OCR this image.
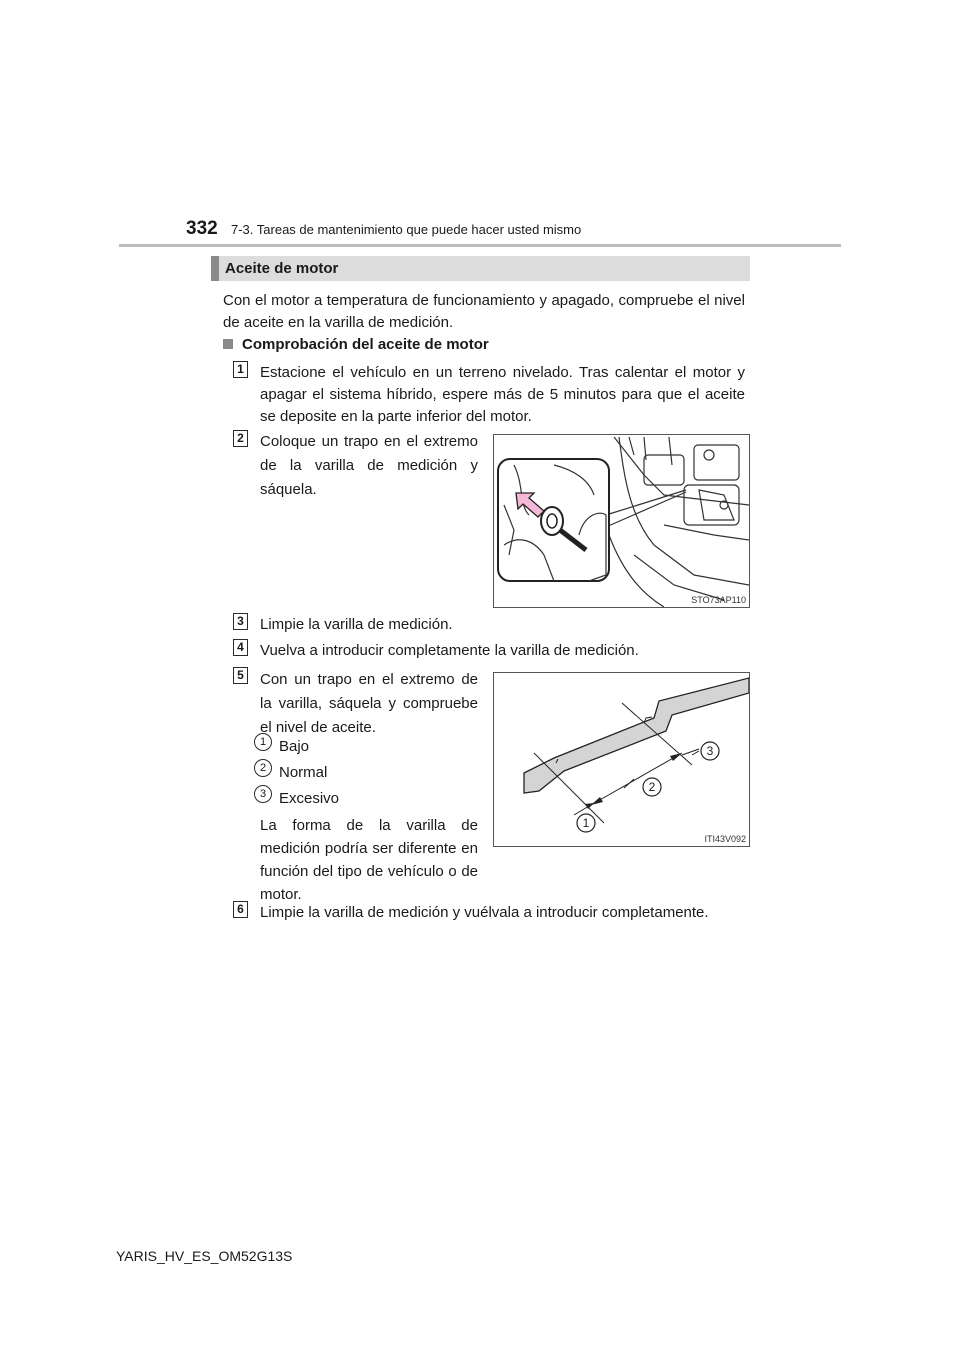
332 7-3. Tareas de mantenimiento que puede hacer usted mismo
Aceite de motor
Con el motor a temperatura de funcionamiento y apagado, compruebe el nivel de aceite en la varilla de medición.
Comprobación del aceite de motor
1 Estacione el vehículo en un terreno nivelado. Tras calentar el motor y apagar el sistema híbrido, espere más de 5 minutos para que el aceite se deposite en la parte inferior del motor.
2 Coloque un trapo en el extremo de la varilla de medición y sáquela.
STO73AP110
3 Limpie la varilla de medición.
4 Vuelva a introducir completamente la varilla de medición.
5 Con un trapo en el extremo de la varilla, sáquela y compruebe el nivel de aceite.
1 Bajo
2 Normal
3 Excesivo
La forma de la varilla de medición podría ser diferente en función del tipo de vehículo o de motor.
1
2
3
ITI43V092
6 Limpie la varilla de medición y vuélvala a introducir completamente.
YARIS_HV_ES_OM52G13S
